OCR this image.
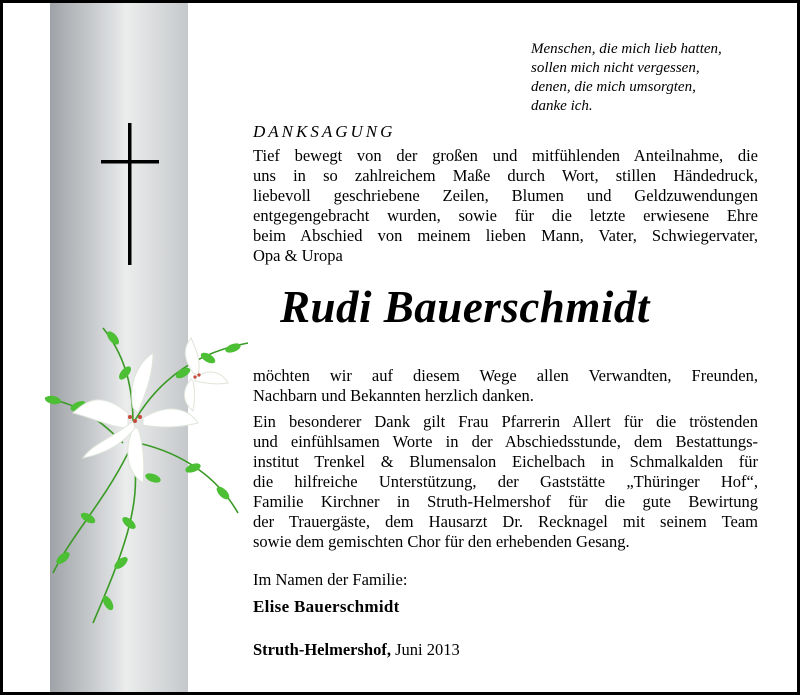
Menschen, die mich lieb hatten,
sollen mich nicht vergessen,
denen, die mich umsorgten,
danke ich.
DANKSAGUNG
Tief bewegt von der großen und mitfühlenden Anteilnahme, die
uns in so zahlreichem Maße durch Wort, stillen Händedruck,
liebevoll geschriebene Zeilen, Blumen und Geldzuwendungen
entgegengebracht wurden, sowie für die letzte erwiesene Ehre
beim Abschied von meinem lieben Mann, Vater, Schwiegervater,
Opa & Uropa
Rudi Bauerschmidt
möchten wir auf diesem Wege allen Verwandten, Freunden,
Nachbarn und Bekannten herzlich danken.
Ein besonderer Dank gilt Frau Pfarrerin Allert für die tröstenden
und einfühlsamen Worte in der Abschiedsstunde, dem Bestattungs-
institut Trenkel & Blumensalon Eichelbach in Schmalkalden für
die hilfreiche Unterstützung, der Gaststätte „Thüringer Hof“,
Familie Kirchner in Struth-Helmershof für die gute Bewirtung
der Trauergäste, dem Hausarzt Dr. Recknagel mit seinem Team
sowie dem gemischten Chor für den erhebenden Gesang.
Im Namen der Familie:
Elise Bauerschmidt
Struth-Helmershof, Juni 2013
